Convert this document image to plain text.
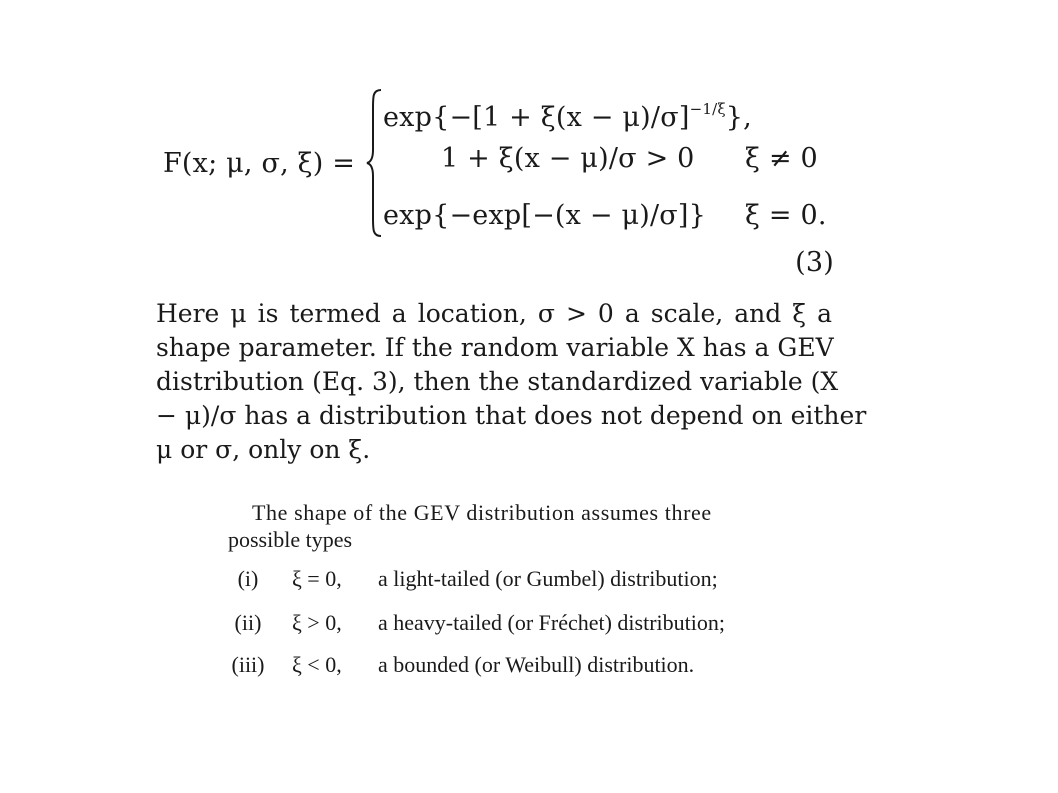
F(x; μ, σ, ξ) =
$\exp\{-[1 + \xi(x - \mu)/\sigma]^{-1/\xi}\}$,
1 + ξ(x − μ)/σ > 0 ξ ≠ 0
exp{−exp[−(x − μ)/σ]} ξ = 0.
(3)
Here μ is termed a location, σ > 0 a scale, and ξ a
shape parameter. If the random variable X has a GEV
distribution (Eq. 3), then the standardized variable (X
− μ)/σ has a distribution that does not depend on either
μ or σ, only on ξ.
The shape of the GEV distribution assumes three
possible types
(i)	ξ = 0, a light-tailed (or Gumbel) distribution;
(ii) ξ > 0, a heavy-tailed (or Fréchet) distribution;
(iii) ξ < 0, a bounded (or Weibull) distribution.
